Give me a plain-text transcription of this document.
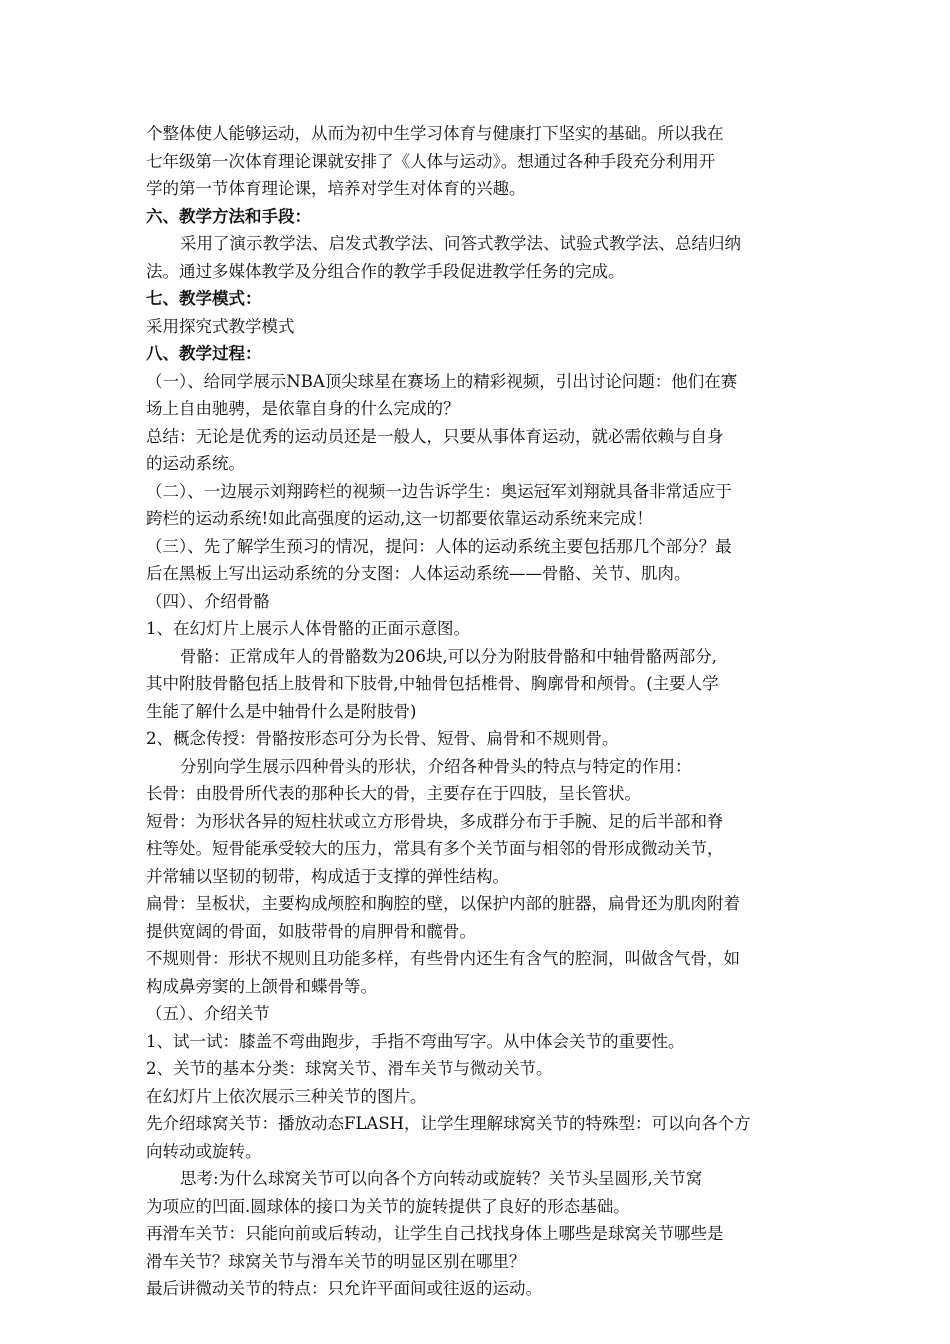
个整体使人能够运动，从而为初中生学习体育与健康打下坚实的基础。所以我在
七年级第一次体育理论课就安排了《人体与运动》。想通过各种手段充分利用开
学的第一节体育理论课，培养对学生对体育的兴趣。
六、教学方法和手段：
采用了演示教学法、启发式教学法、问答式教学法、试验式教学法、总结归纳
法。通过多媒体教学及分组合作的教学手段促进教学任务的完成。
七、教学模式：
采用探究式教学模式
八、教学过程：
（一）、给同学展示NBA顶尖球星在赛场上的精彩视频，引出讨论问题：他们在赛
场上自由驰骋，是依靠自身的什么完成的？
总结：无论是优秀的运动员还是一般人，只要从事体育运动，就必需依赖与自身
的运动系统。
（二）、一边展示刘翔跨栏的视频一边告诉学生：奥运冠军刘翔就具备非常适应于
跨栏的运动系统!如此高强度的运动,这一切都要依靠运动系统来完成！
（三）、先了解学生预习的情况，提问：人体的运动系统主要包括那几个部分？最
后在黑板上写出运动系统的分支图：人体运动系统——骨骼、关节、肌肉。
（四）、介绍骨骼
1、在幻灯片上展示人体骨骼的正面示意图。
骨骼：正常成年人的骨骼数为206块,可以分为附肢骨骼和中轴骨骼两部分,
其中附肢骨骼包括上肢骨和下肢骨,中轴骨包括椎骨、胸廓骨和颅骨。(主要人学
生能了解什么是中轴骨什么是附肢骨)
2、概念传授：骨骼按形态可分为长骨、短骨、扁骨和不规则骨。
分别向学生展示四种骨头的形状，介绍各种骨头的特点与特定的作用：
长骨：由股骨所代表的那种长大的骨，主要存在于四肢，呈长管状。
短骨：为形状各异的短柱状或立方形骨块，多成群分布于手腕、足的后半部和脊
柱等处。短骨能承受较大的压力，常具有多个关节面与相邻的骨形成微动关节，
并常辅以坚韧的韧带，构成适于支撑的弹性结构。
扁骨：呈板状，主要构成颅腔和胸腔的壁，以保护内部的脏器，扁骨还为肌肉附着
提供宽阔的骨面，如肢带骨的肩胛骨和髋骨。
不规则骨：形状不规则且功能多样，有些骨内还生有含气的腔洞，叫做含气骨，如
构成鼻旁窦的上颌骨和蝶骨等。
（五）、介绍关节
1、试一试：膝盖不弯曲跑步，手指不弯曲写字。从中体会关节的重要性。
2、关节的基本分类：球窝关节、滑车关节与微动关节。
在幻灯片上依次展示三种关节的图片。
先介绍球窝关节：播放动态FLASH，让学生理解球窝关节的特殊型：可以向各个方
向转动或旋转。
思考:为什么球窝关节可以向各个方向转动或旋转？关节头呈圆形,关节窝
为项应的凹面.圆球体的接口为关节的旋转提供了良好的形态基础。
再滑车关节：只能向前或后转动，让学生自己找找身体上哪些是球窝关节哪些是
滑车关节？球窝关节与滑车关节的明显区别在哪里？
最后讲微动关节的特点：只允许平面间或往返的运动。
